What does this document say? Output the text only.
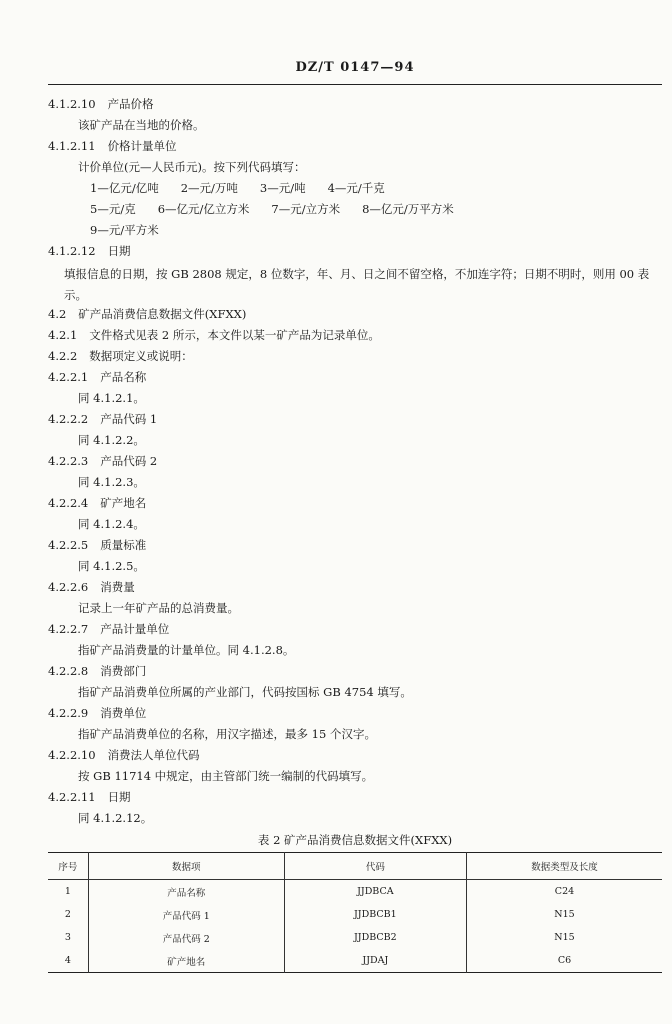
DZ/T 0147—94
4.1.2.10 产品价格
该矿产品在当地的价格。
4.1.2.11 价格计量单位
计价单位(元—人民币元)。按下列代码填写：
1—亿元/亿吨 2—元/万吨 3—元/吨 4—元/千克
5—元/克 6—亿元/亿立方米 7—元/立方米 8—亿元/万平方米
9—元/平方米
4.1.2.12 日期
填报信息的日期，按 GB 2808 规定，8 位数字，年、月、日之间不留空格，不加连字符；日期不明时，则用 00 表示。
4.2 矿产品消费信息数据文件(XFXX)
4.2.1 文件格式见表 2 所示，本文件以某一矿产品为记录单位。
4.2.2 数据项定义或说明：
4.2.2.1 产品名称
同 4.1.2.1。
4.2.2.2 产品代码 1
同 4.1.2.2。
4.2.2.3 产品代码 2
同 4.1.2.3。
4.2.2.4 矿产地名
同 4.1.2.4。
4.2.2.5 质量标准
同 4.1.2.5。
4.2.2.6 消费量
记录上一年矿产品的总消费量。
4.2.2.7 产品计量单位
指矿产品消费量的计量单位。同 4.1.2.8。
4.2.2.8 消费部门
指矿产品消费单位所属的产业部门，代码按国标 GB 4754 填写。
4.2.2.9 消费单位
指矿产品消费单位的名称，用汉字描述，最多 15 个汉字。
4.2.2.10 消费法人单位代码
按 GB 11714 中规定，由主管部门统一编制的代码填写。
4.2.2.11 日期
同 4.1.2.12。
表 2 矿产品消费信息数据文件(XFXX)
序号	数据项	代码	数据类型及长度
1	产品名称	JJDBCA	C24
2	产品代码 1	JJDBCB1	N15
3	产品代码 2	JJDBCB2	N15
4	矿产地名	JJDAJ	C6
